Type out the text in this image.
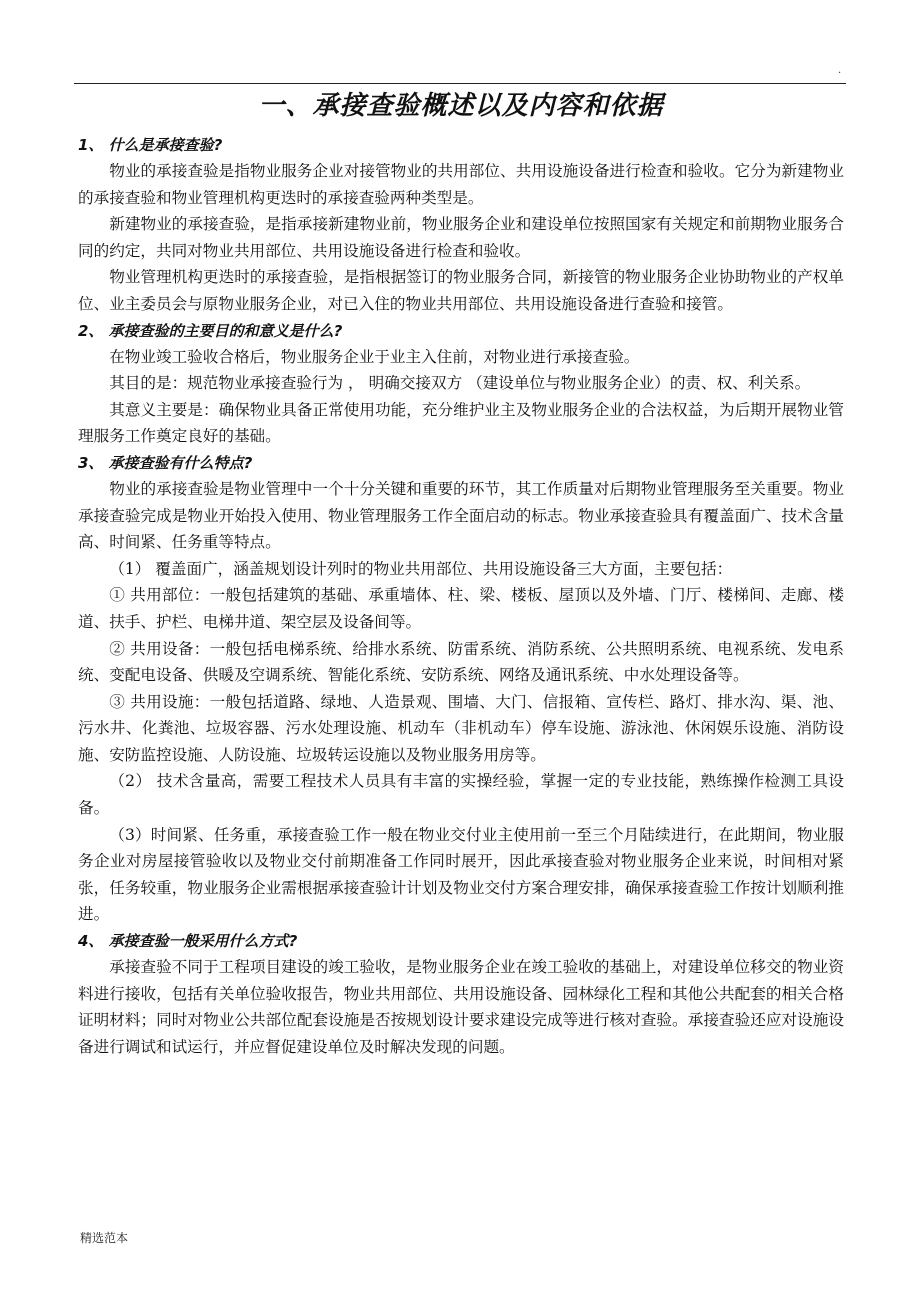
.
一、承接查验概述以及内容和依据
1、 什么是承接查验?
物业的承接查验是指物业服务企业对接管物业的共用部位、共用设施设备进行检查和验收。它分为新建物业的承接查验和物业管理机构更迭时的承接查验两种类型是。
新建物业的承接查验，是指承接新建物业前，物业服务企业和建设单位按照国家有关规定和前期物业服务合同的约定，共同对物业共用部位、共用设施设备进行检查和验收。
物业管理机构更迭时的承接查验，是指根据签订的物业服务合同，新接管的物业服务企业协助物业的产权单位、业主委员会与原物业服务企业，对已入住的物业共用部位、共用设施设备进行查验和接管。
2、 承接查验的主要目的和意义是什么?
在物业竣工验收合格后，物业服务企业于业主入住前，对物业进行承接查验。
其目的是：规范物业承接查验行为 ， 明确交接双方 （建设单位与物业服务企业）的责、权、利关系。
其意义主要是：确保物业具备正常使用功能，充分维护业主及物业服务企业的合法权益，为后期开展物业管理服务工作奠定良好的基础。
3、 承接查验有什么特点?
物业的承接查验是物业管理中一个十分关键和重要的环节，其工作质量对后期物业管理服务至关重要。物业承接查验完成是物业开始投入使用、物业管理服务工作全面启动的标志。物业承接查验具有覆盖面广、技术含量高、时间紧、任务重等特点。
（1） 覆盖面广，涵盖规划设计列时的物业共用部位、共用设施设备三大方面，主要包括：
① 共用部位：一般包括建筑的基础、承重墙体、柱、梁、楼板、屋顶以及外墙、门厅、楼梯间、走廊、楼道、扶手、护栏、电梯井道、架空层及设备间等。
② 共用设备：一般包括电梯系统、给排水系统、防雷系统、消防系统、公共照明系统、电视系统、发电系统、变配电设备、供暖及空调系统、智能化系统、安防系统、网络及通讯系统、中水处理设备等。
③ 共用设施：一般包括道路、绿地、人造景观、围墙、大门、信报箱、宣传栏、路灯、排水沟、渠、池、污水井、化粪池、垃圾容器、污水处理设施、机动车（非机动车）停车设施、游泳池、休闲娱乐设施、消防设施、安防监控设施、人防设施、垃圾转运设施以及物业服务用房等。
（2） 技术含量高，需要工程技术人员具有丰富的实操经验，掌握一定的专业技能，熟练操作检测工具设备。
（3）时间紧、任务重，承接查验工作一般在物业交付业主使用前一至三个月陆续进行，在此期间，物业服务企业对房屋接管验收以及物业交付前期准备工作同时展开，因此承接查验对物业服务企业来说，时间相对紧张，任务较重，物业服务企业需根据承接查验计计划及物业交付方案合理安排，确保承接查验工作按计划顺利推进。
4、 承接查验一般采用什么方式?
承接查验不同于工程项目建设的竣工验收，是物业服务企业在竣工验收的基础上，对建设单位移交的物业资料进行接收，包括有关单位验收报告，物业共用部位、共用设施设备、园林绿化工程和其他公共配套的相关合格证明材料；同时对物业公共部位配套设施是否按规划设计要求建设完成等进行核对查验。承接查验还应对设施设备进行调试和试运行，并应督促建设单位及时解决发现的问题。
精选范本
